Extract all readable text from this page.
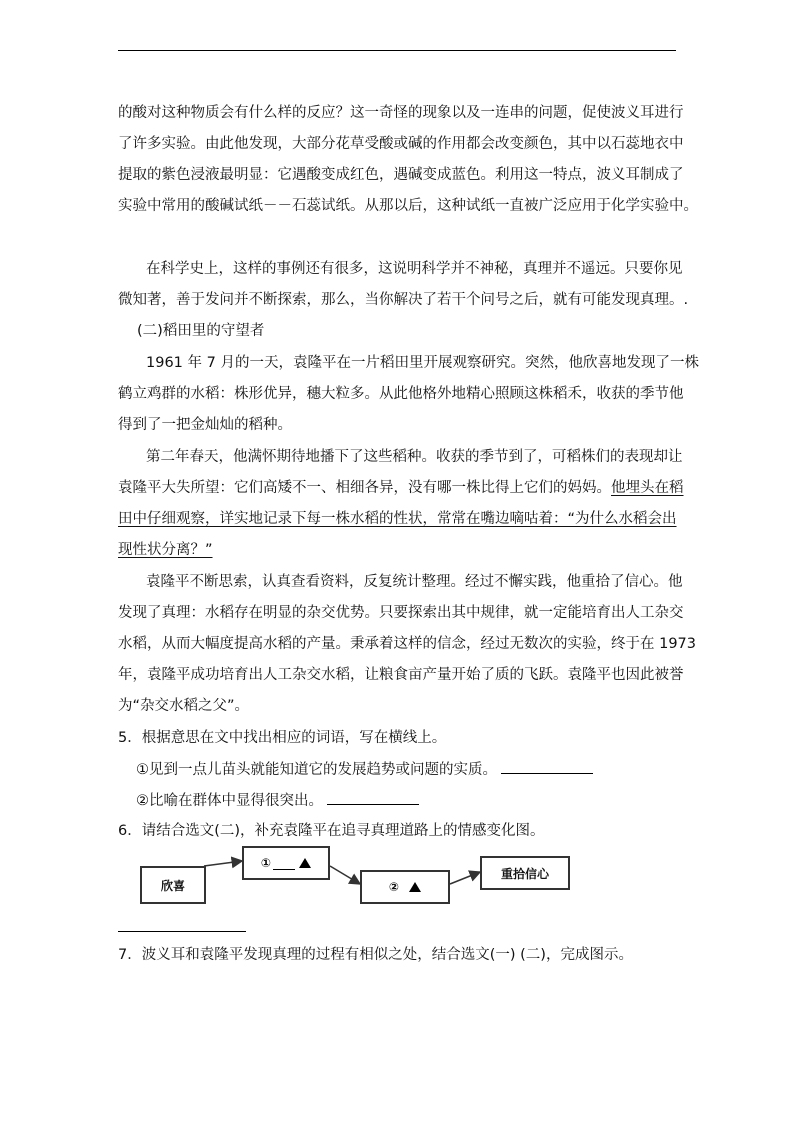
的酸对这种物质会有什么样的反应？这一奇怪的现象以及一连串的问题，促使波义耳进行
了许多实验。由此他发现，大部分花草受酸或碱的作用都会改变颜色，其中以石蕊地衣中
提取的紫色浸液最明显：它遇酸变成红色，遇碱变成蓝色。利用这一特点，波义耳制成了
实验中常用的酸碱试纸－－石蕊试纸。从那以后，这种试纸一直被广泛应用于化学实验中。
在科学史上，这样的事例还有很多，这说明科学并不神秘，真理并不遥远。只要你见
微知著，善于发问并不断探索，那么，当你解决了若干个问号之后，就有可能发现真理。.
(二)稻田里的守望者
1961 年 7 月的一天，袁隆平在一片稻田里开展观察研究。突然，他欣喜地发现了一株
鹤立鸡群的水稻：株形优异，穗大粒多。从此他格外地精心照顾这株稻禾，收获的季节他
得到了一把金灿灿的稻种。
第二年春天，他满怀期待地播下了这些稻种。收获的季节到了，可稻株们的表现却让
袁隆平大失所望：它们高矮不一、相细各异，没有哪一株比得上它们的妈妈。他埋头在稻
田中仔细观察，详实地记录下每一株水稻的性状，常常在嘴边嘀咕着：“为什么水稻会出
现性状分离？”
袁隆平不断思索，认真查看资料，反复统计整理。经过不懈实践，他重拾了信心。他
发现了真理：水稻存在明显的杂交优势。只要探索出其中规律，就一定能培育出人工杂交
水稻，从而大幅度提高水稻的产量。秉承着这样的信念，经过无数次的实验，终于在 1973
年，袁隆平成功培育出人工杂交水稻，让粮食亩产量开始了质的飞跃。袁隆平也因此被誉
为“杂交水稻之父”。
5．根据意思在文中找出相应的词语，写在横线上。
①见到一点儿苗头就能知道它的发展趋势或问题的实质。
②比喻在群体中显得很突出。
6．请结合选文(二)，补充袁隆平在追寻真理道路上的情感变化图。
欣喜
①
②
重拾信心
7．波义耳和袁隆平发现真理的过程有相似之处，结合选文(一) (二)，完成图示。
